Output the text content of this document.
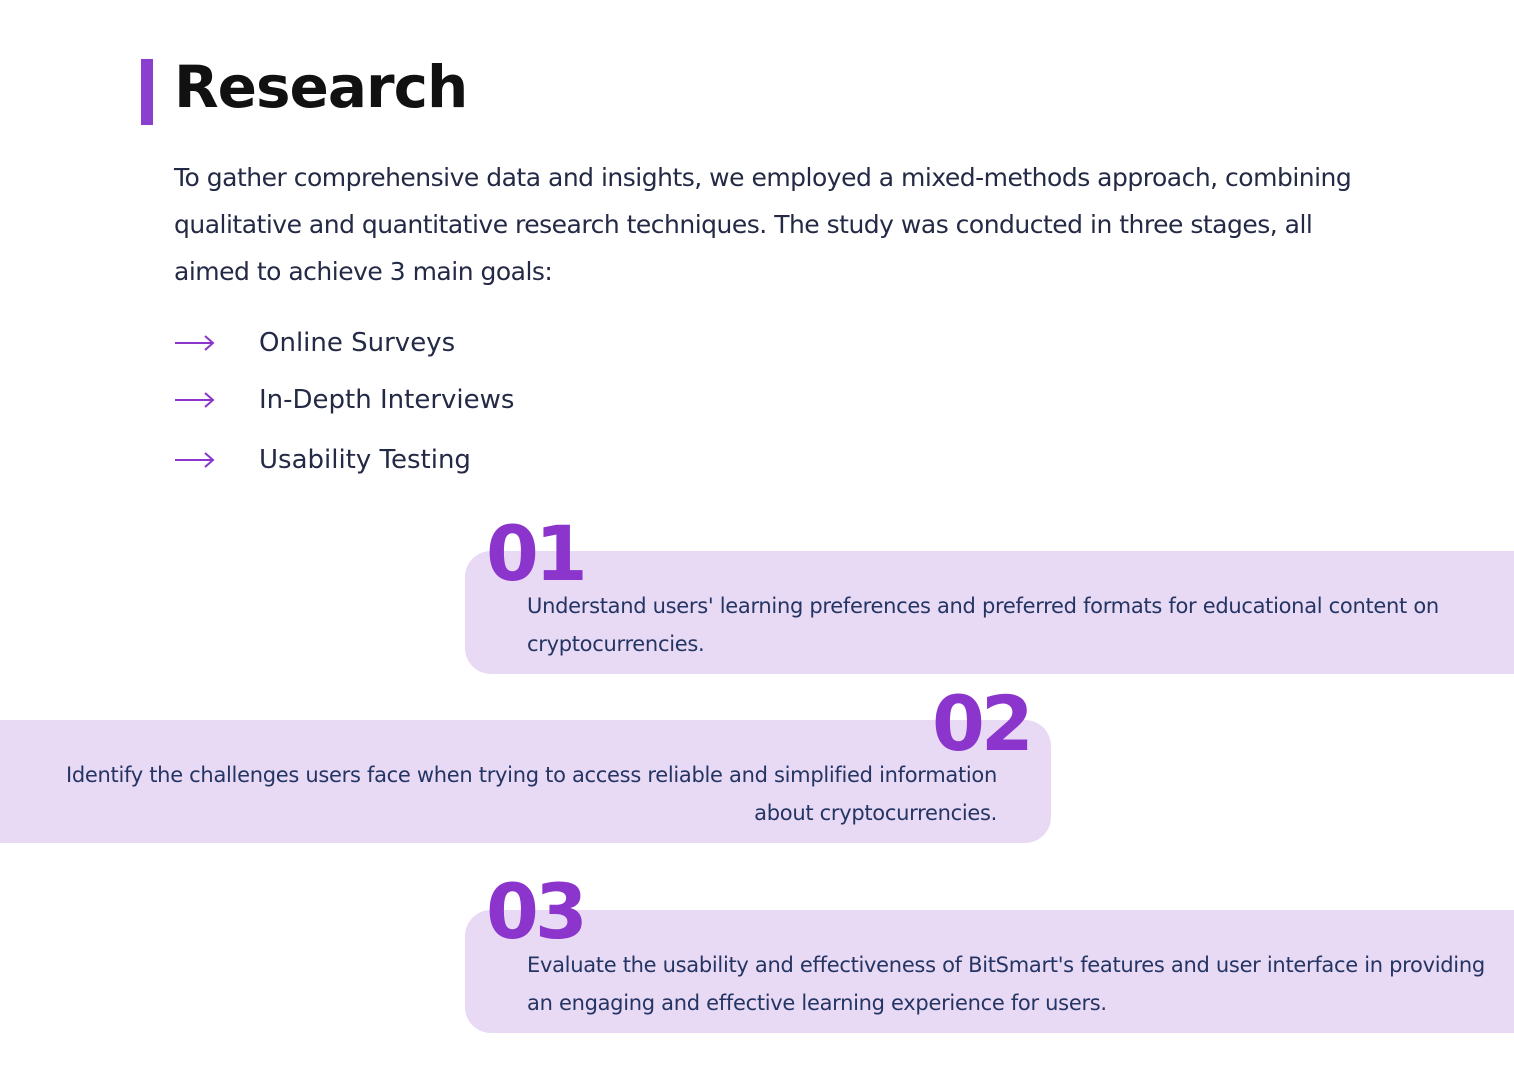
Research

To gather comprehensive data and insights, we employed a mixed-methods approach, combining qualitative and quantitative research techniques. The study was conducted in three stages, all aimed to achieve 3 main goals:

Online Surveys
In-Depth Interviews
Usability Testing
Understand users' learning preferences and preferred formats for educational content on cryptocurrencies.
01
Identify the challenges users face when trying to access reliable and simplified information about cryptocurrencies.
02
Evaluate the usability and effectiveness of BitSmart's features and user interface in providing an engaging and effective learning experience for users.
03
